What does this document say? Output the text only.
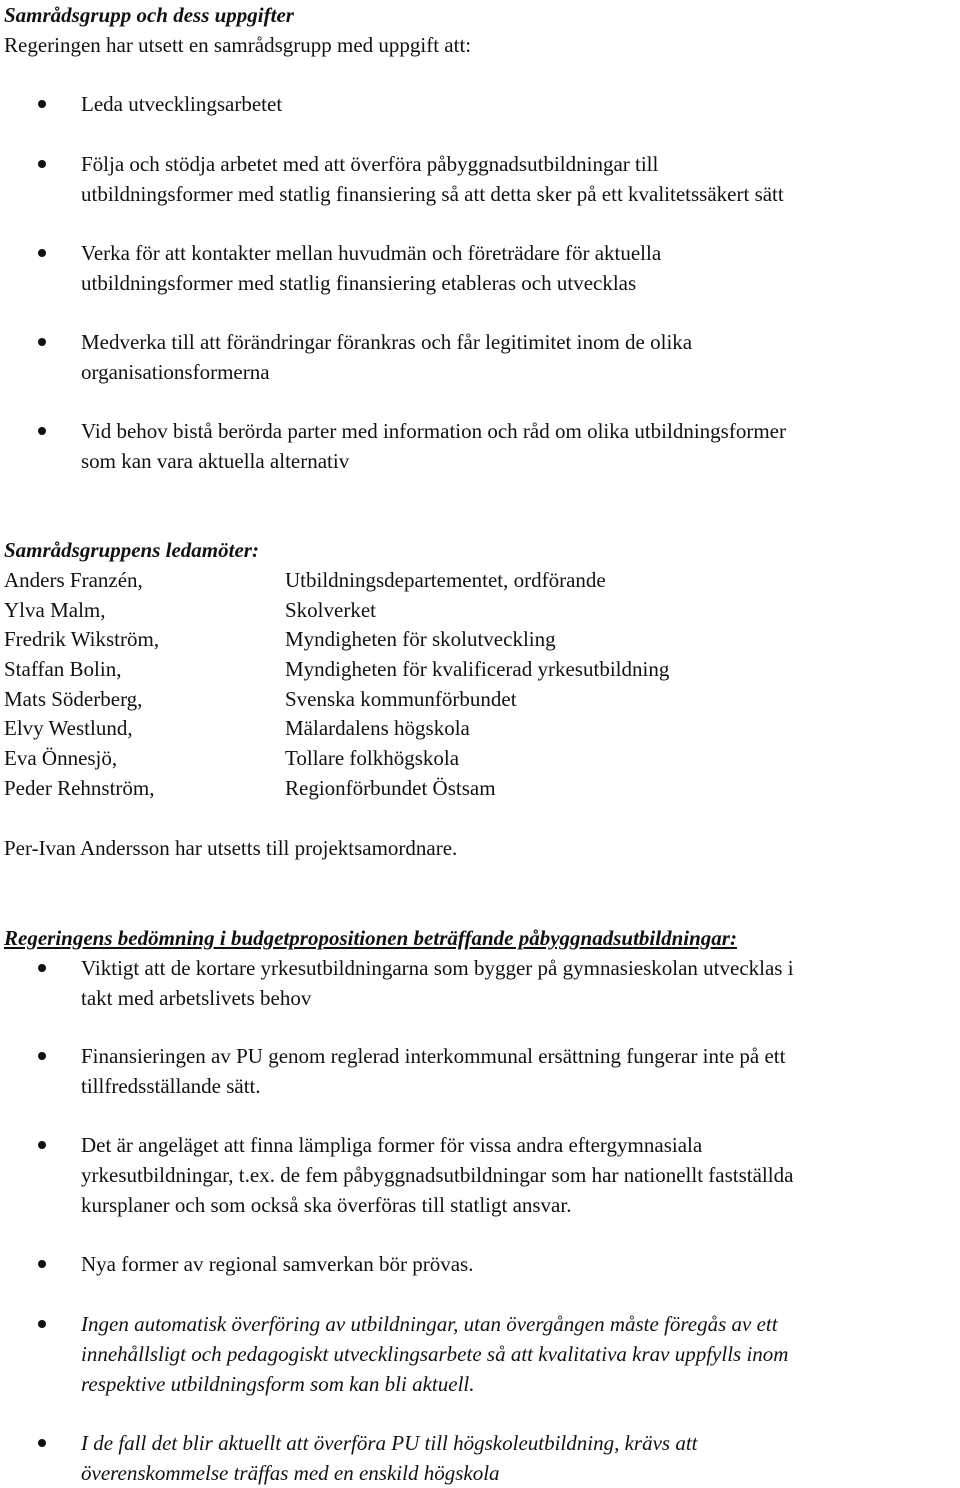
Samrådsgrupp och dess uppgifter
Regeringen har utsett en samrådsgrupp med uppgift att:
Leda utvecklingsarbetet
Följa och stödja arbetet med att överföra påbyggnadsutbildningar till
utbildningsformer med statlig finansiering så att detta sker på ett kvalitetssäkert sätt
Verka för att kontakter mellan huvudmän och företrädare för aktuella
utbildningsformer med statlig finansiering etableras och utvecklas
Medverka till att förändringar förankras och får legitimitet inom de olika
organisationsformerna
Vid behov bistå berörda parter med information och råd om olika utbildningsformer
som kan vara aktuella alternativ
Samrådsgruppens ledamöter:
Anders Franzén,	Utbildningsdepartementet, ordförande
Ylva Malm,	Skolverket
Fredrik Wikström,	Myndigheten för skolutveckling
Staffan Bolin,	Myndigheten för kvalificerad yrkesutbildning
Mats Söderberg,	Svenska kommunförbundet
Elvy Westlund,	Mälardalens högskola
Eva Önnesjö,	Tollare folkhögskola
Peder Rehnström,	Regionförbundet Östsam
Per-Ivan Andersson har utsetts till projektsamordnare.
Regeringens bedömning i budgetpropositionen beträffande påbyggnadsutbildningar:
Viktigt att de kortare yrkesutbildningarna som bygger på gymnasieskolan utvecklas i
takt med arbetslivets behov
Finansieringen av PU genom reglerad interkommunal ersättning fungerar inte på ett
tillfredsställande sätt.
Det är angeläget att finna lämpliga former för vissa andra eftergymnasiala
yrkesutbildningar, t.ex. de fem påbyggnadsutbildningar som har nationellt fastställda
kursplaner och som också ska överföras till statligt ansvar.
Nya former av regional samverkan bör prövas.
Ingen automatisk överföring av utbildningar, utan övergången måste föregås av ett
innehållsligt och pedagogiskt utvecklingsarbete så att kvalitativa krav uppfylls inom
respektive utbildningsform som kan bli aktuell.
I de fall det blir aktuellt att överföra PU till högskoleutbildning, krävs att
överenskommelse träffas med en enskild högskola
